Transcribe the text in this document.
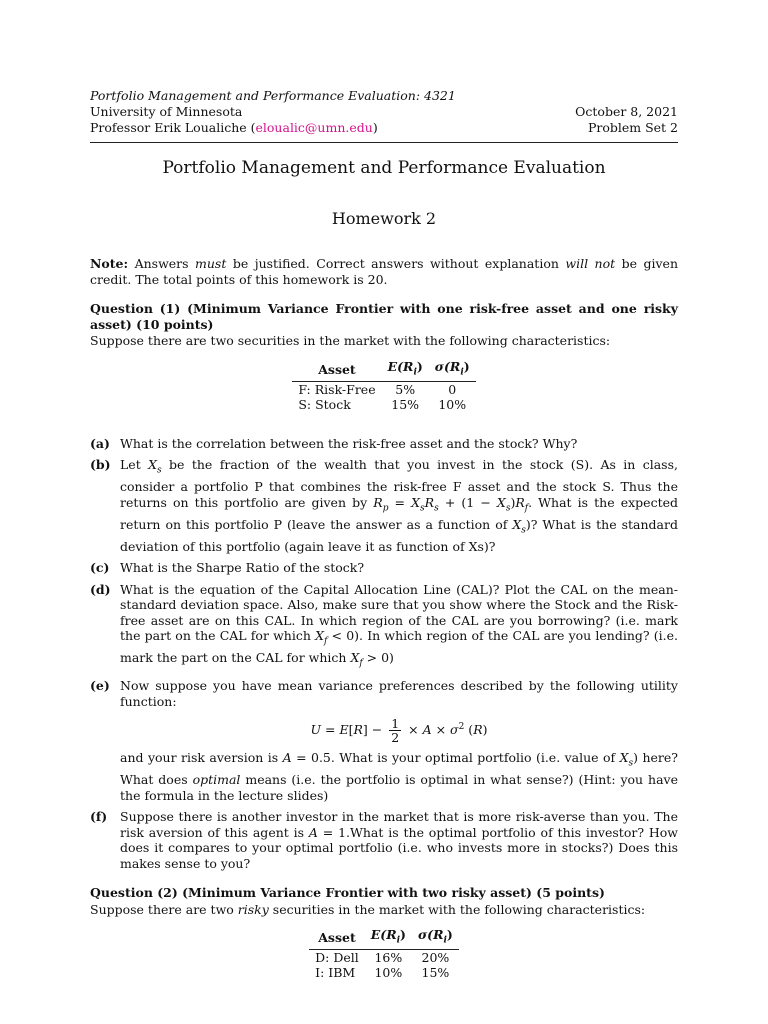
Portfolio Management and Performance Evaluation: 4321
University of Minnesota	October 8, 2021
Professor Erik Loualiche (eloualic@umn.edu)	Problem Set 2
Portfolio Management and Performance Evaluation
Homework 2
Note: Answers must be justified. Correct answers without explanation will not be given credit. The total points of this homework is 20.
Question (1) (Minimum Variance Frontier with one risk-free asset and one risky asset) (10 points)
Suppose there are two securities in the market with the following characteristics:
Asset	$E(R_i)$	$\sigma(R_i)$
F: Risk-Free	5%	0
S: Stock	15%	10%
(a) What is the correlation between the risk-free asset and the stock? Why?
(b) Let $X_s$ be the fraction of the wealth that you invest in the stock (S). As in class, consider a portfolio P that combines the risk-free F asset and the stock S. Thus the returns on this portfolio are given by $R_p = X_sR_s + (1 - X_s)R_f$. What is the expected return on this portfolio P (leave the answer as a function of $X_s$)? What is the standard deviation of this portfolio (again leave it as function of Xs)?
(c) What is the Sharpe Ratio of the stock?
(d) What is the equation of the Capital Allocation Line (CAL)? Plot the CAL on the mean-standard deviation space. Also, make sure that you show where the Stock and the Risk-free asset are on this CAL. In which region of the CAL are you borrowing? (i.e. mark the part on the CAL for which $X_f < 0$). In which region of the CAL are you lending? (i.e. mark the part on the CAL for which $X_f > 0$)
(e) Now suppose you have mean variance preferences described by the following utility function:
$U = E[R] - \frac{1}{2} \times A \times \sigma^2$ (R)
and your risk aversion is A = 0.5. What is your optimal portfolio (i.e. value of $X_s$) here? What does optimal means (i.e. the portfolio is optimal in what sense?) (Hint: you have the formula in the lecture slides)
(f)	Suppose there is another investor in the market that is more risk-averse than you. The risk aversion of this agent is A = 1.What is the optimal portfolio of this investor? How does it compares to your optimal portfolio (i.e. who invests more in stocks?) Does this makes sense to you?
Question (2) (Minimum Variance Frontier with two risky asset) (5 points)
Suppose there are two risky securities in the market with the following characteristics:
Asset	$E(R_i)$	$\sigma(R_i)$
D: Dell	16%	20%
I: IBM	10%	15%
